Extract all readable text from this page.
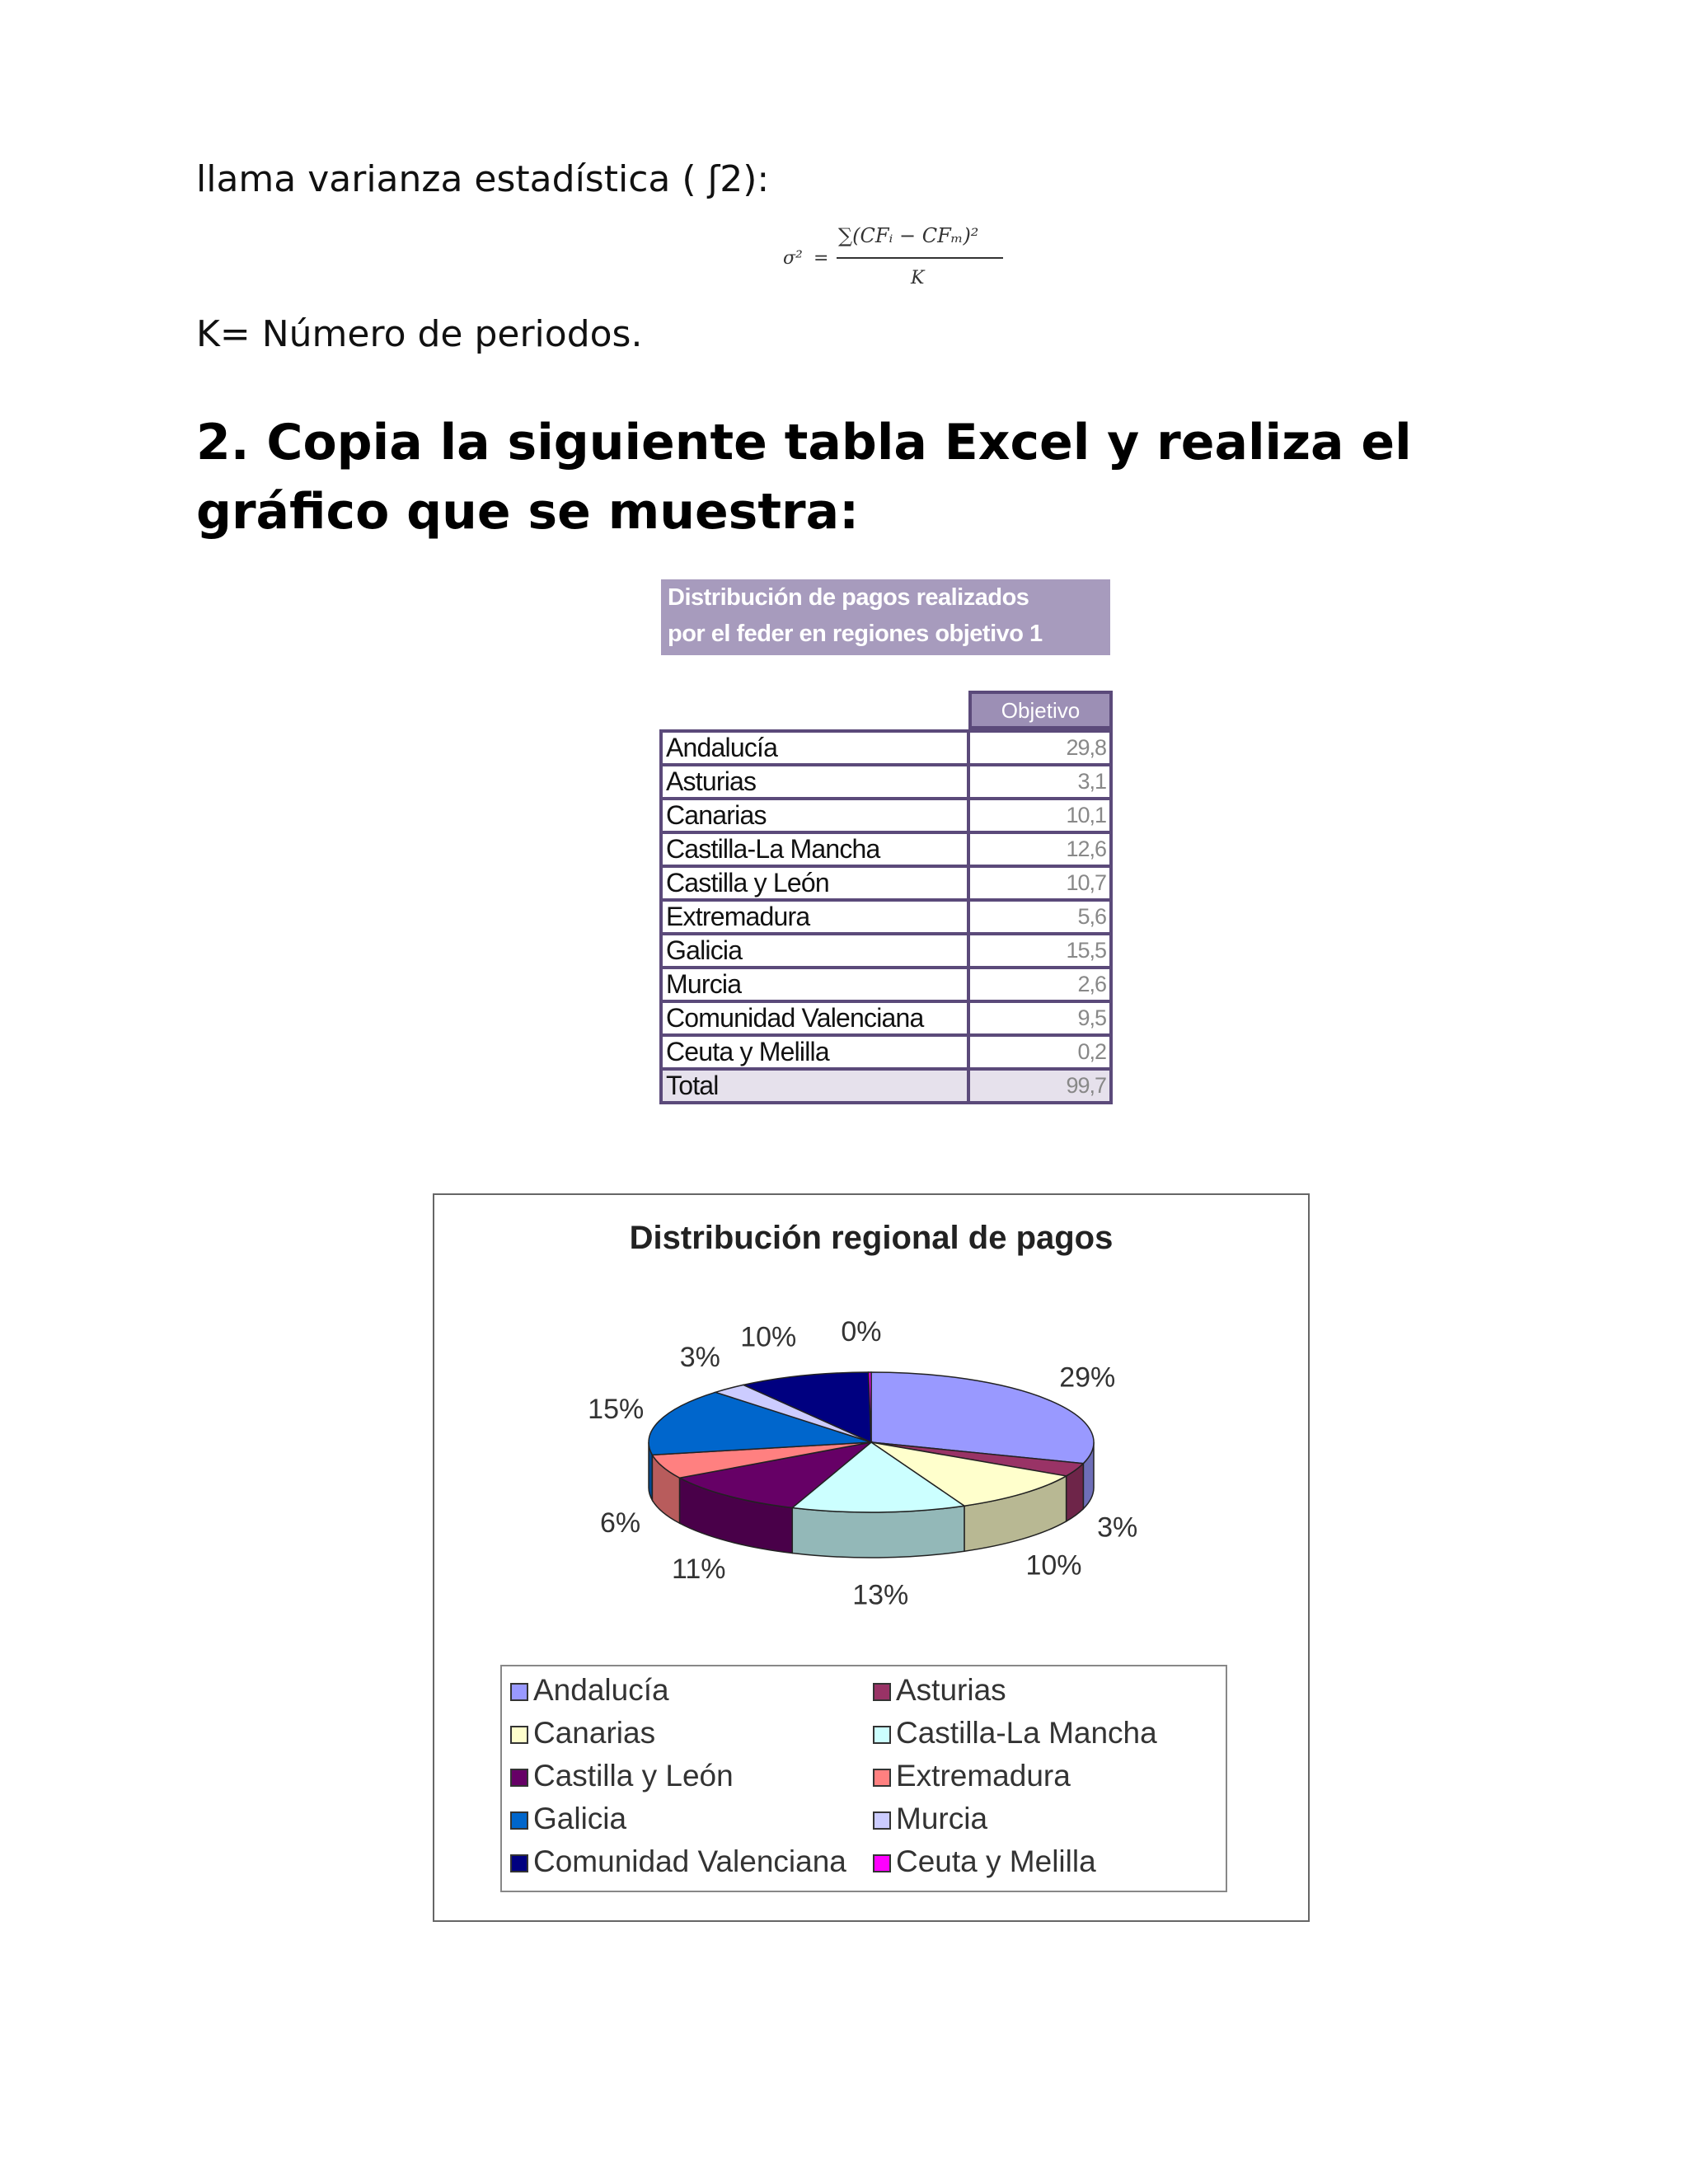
llama varianza estadística ( ʃ2):
σ² =
∑(CFᵢ − CFₘ)²
K
K= Número de periodos.
2. Copia la siguiente tabla Excel y realiza el gráfico que se muestra:
Distribución de pagos realizados
por el feder en regiones objetivo 1
Objetivo
Andalucía	29,8
Asturias	3,1
Canarias	10,1
Castilla-La Mancha	12,6
Castilla y León	10,7
Extremadura	5,6
Galicia	15,5
Murcia	2,6
Comunidad Valenciana	9,5
Ceuta y Melilla	0,2
Total	99,7
Distribución regional de pagos
29%
3%
10%
13%
11%
6%
15%
3%
10% 0%
Andalucía	Asturias
Canarias	Castilla-La Mancha
Castilla y León	Extremadura
Galicia	Murcia
Comunidad Valenciana	Ceuta y Melilla
